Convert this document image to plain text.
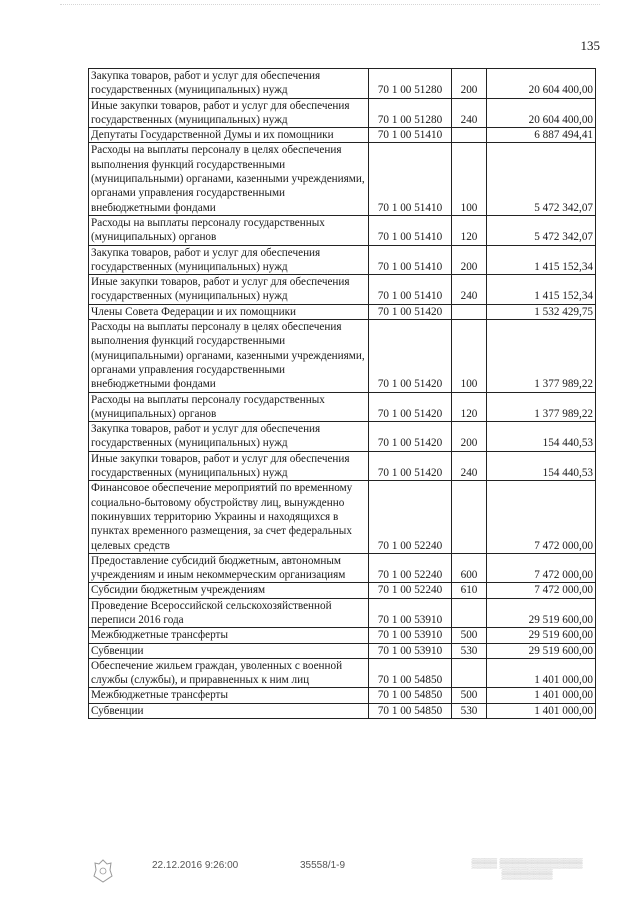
135
Закупка товаров, работ и услуг для обеспечения государственных (муниципальных) нужд	70 1 00 51280	200	20 604 400,00
Иные закупки товаров, работ и услуг для обеспечения государственных (муниципальных) нужд	70 1 00 51280	240	20 604 400,00
Депутаты Государственной Думы и их помощники	70 1 00 51410		6 887 494,41
Расходы на выплаты персоналу в целях обеспечения выполнения функций государственными (муниципальными) органами, казенными учреждениями, органами управления государственными внебюджетными фондами	70 1 00 51410	100	5 472 342,07
Расходы на выплаты персоналу государственных (муниципальных) органов	70 1 00 51410	120	5 472 342,07
Закупка товаров, работ и услуг для обеспечения государственных (муниципальных) нужд	70 1 00 51410	200	1 415 152,34
Иные закупки товаров, работ и услуг для обеспечения государственных (муниципальных) нужд	70 1 00 51410	240	1 415 152,34
Члены Совета Федерации и их помощники	70 1 00 51420		1 532 429,75
Расходы на выплаты персоналу в целях обеспечения выполнения функций государственными (муниципальными) органами, казенными учреждениями, органами управления государственными внебюджетными фондами	70 1 00 51420	100	1 377 989,22
Расходы на выплаты персоналу государственных (муниципальных) органов	70 1 00 51420	120	1 377 989,22
Закупка товаров, работ и услуг для обеспечения государственных (муниципальных) нужд	70 1 00 51420	200	154 440,53
Иные закупки товаров, работ и услуг для обеспечения государственных (муниципальных) нужд	70 1 00 51420	240	154 440,53
Финансовое обеспечение мероприятий по временному социально-бытовому обустройству лиц, вынужденно покинувших территорию Украины и находящихся в пунктах временного размещения, за счет федеральных целевых средств	70 1 00 52240		7 472 000,00
Предоставление субсидий бюджетным, автономным учреждениям и иным некоммерческим организациям	70 1 00 52240	600	7 472 000,00
Субсидии бюджетным учреждениям	70 1 00 52240	610	7 472 000,00
Проведение Всероссийской сельскохозяйственной переписи 2016 года	70 1 00 53910		29 519 600,00
Межбюджетные трансферты	70 1 00 53910	500	29 519 600,00
Субвенции	70 1 00 53910	530	29 519 600,00
Обеспечение жильем граждан, уволенных с военной службы (службы), и приравненных к ним лиц	70 1 00 54850		1 401 000,00
Межбюджетные трансферты	70 1 00 54850	500	1 401 000,00
Субвенции	70 1 00 54850	530	1 401 000,00
22.12.2016 9:26:00	35558/1-9	▒▒▒▒ ▒▒▒▒▒▒▒▒▒▒▒▒▒
▒▒▒▒▒▒▒▒
